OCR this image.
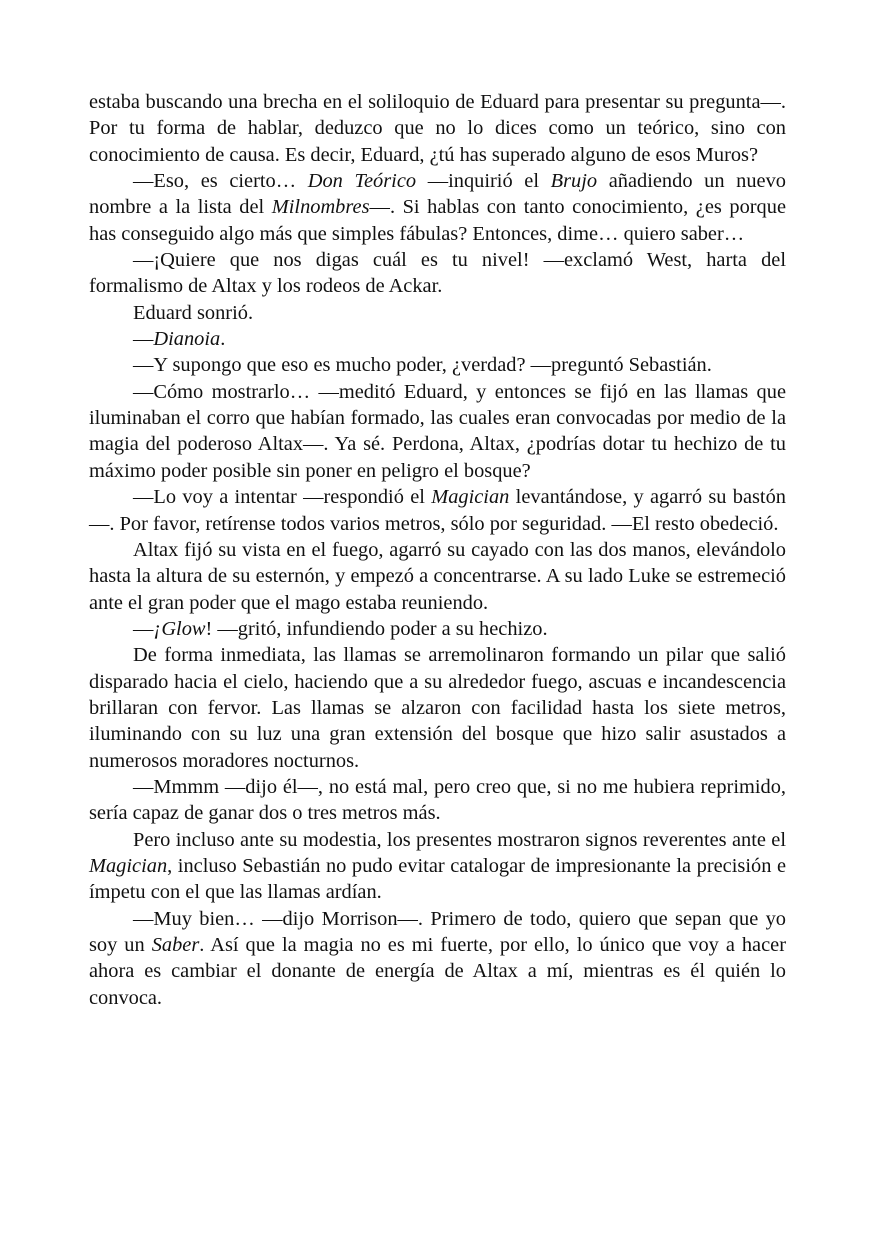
estaba buscando una brecha en el soliloquio de Eduard para presentar su pregunta—. Por tu forma de hablar, deduzco que no lo dices como un teórico, sino con conocimiento de causa. Es decir, Eduard, ¿tú has superado alguno de esos Muros?

—Eso, es cierto… Don Teórico —inquirió el Brujo añadiendo un nuevo nombre a la lista del Milnombres—. Si hablas con tanto conocimiento, ¿es porque has conseguido algo más que simples fábulas? Entonces, dime… quiero saber…

—¡Quiere que nos digas cuál es tu nivel! —exclamó West, harta del formalismo de Altax y los rodeos de Ackar.

Eduard sonrió.

—Dianoia.

—Y supongo que eso es mucho poder, ¿verdad? —preguntó Sebastián.

—Cómo mostrarlo… —meditó Eduard, y entonces se fijó en las llamas que iluminaban el corro que habían formado, las cuales eran convocadas por medio de la magia del poderoso Altax—. Ya sé. Perdona, Altax, ¿podrías dotar tu hechizo de tu máximo poder posible sin poner en peligro el bosque?

—Lo voy a intentar —respondió el Magician levantándose, y agarró su bastón—. Por favor, retírense todos varios metros, sólo por seguridad. —El resto obedeció.

Altax fijó su vista en el fuego, agarró su cayado con las dos manos, elevándolo hasta la altura de su esternón, y empezó a concentrarse. A su lado Luke se estremeció ante el gran poder que el mago estaba reuniendo.

—¡Glow! —gritó, infundiendo poder a su hechizo.

De forma inmediata, las llamas se arremolinaron formando un pilar que salió disparado hacia el cielo, haciendo que a su alrededor fuego, ascuas e incandescencia brillaran con fervor. Las llamas se alzaron con facilidad hasta los siete metros, iluminando con su luz una gran extensión del bosque que hizo salir asustados a numerosos moradores nocturnos.

—Mmmm —dijo él—, no está mal, pero creo que, si no me hubiera reprimido, sería capaz de ganar dos o tres metros más.

Pero incluso ante su modestia, los presentes mostraron signos reverentes ante el Magician, incluso Sebastián no pudo evitar catalogar de impresionante la precisión e ímpetu con el que las llamas ardían.

—Muy bien… —dijo Morrison—. Primero de todo, quiero que sepan que yo soy un Saber. Así que la magia no es mi fuerte, por ello, lo único que voy a hacer ahora es cambiar el donante de energía de Altax a mí, mientras es él quién lo convoca.
